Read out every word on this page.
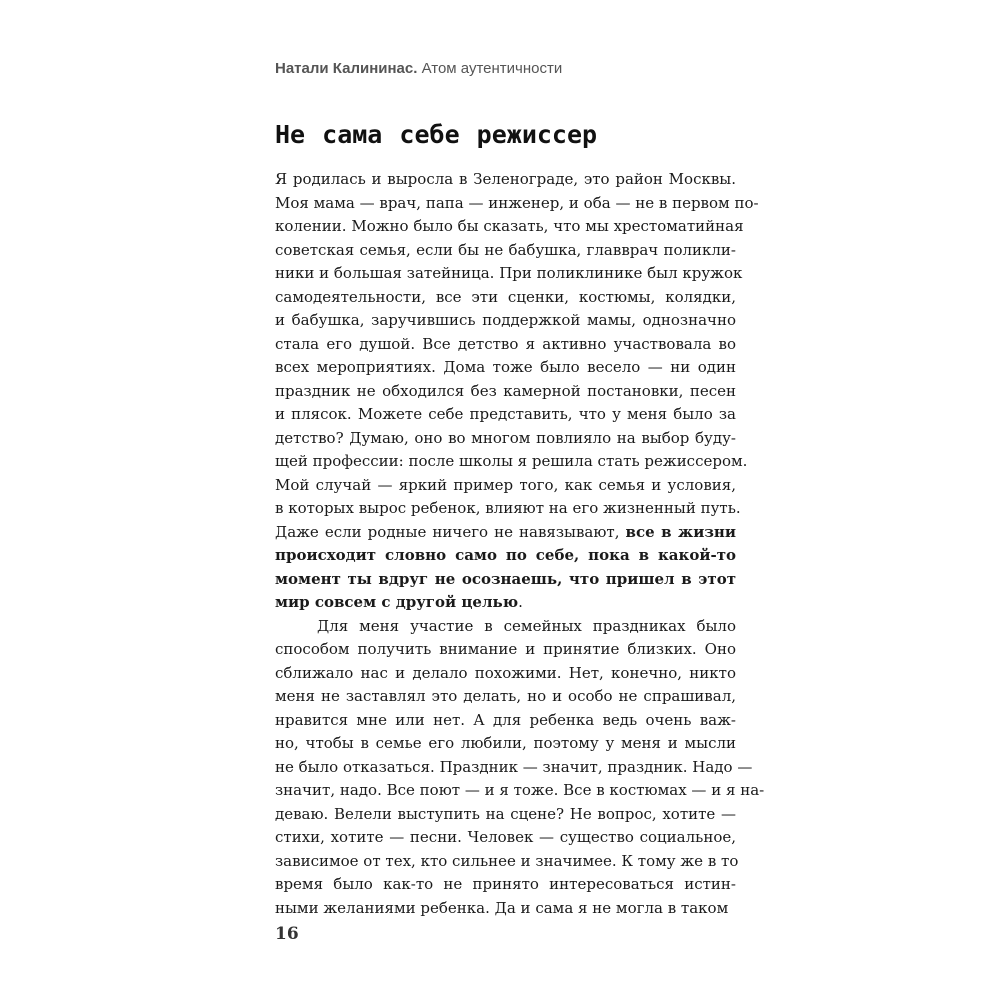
Натали Калининас. Атом аутентичности
Не сама себе режиссер
Я родилась и выросла в Зеленограде, это район Москвы.
Моя мама — врач, папа — инженер, и оба — не в первом по-
колении. Можно было бы сказать, что мы хрестоматийная
советская семья, если бы не бабушка, главврач поликли-
ники и большая затейница. При поликлинике был кружок
самодеятельности, все эти сценки, костюмы, колядки,
и бабушка, заручившись поддержкой мамы, однозначно
стала его душой. Все детство я активно участвовала во
всех мероприятиях. Дома тоже было весело — ни один
праздник не обходился без камерной постановки, песен
и плясок. Можете себе представить, что у меня было за
детство? Думаю, оно во многом повлияло на выбор буду-
щей профессии: после школы я решила стать режиссером.
Мой случай — яркий пример того, как семья и условия,
в которых вырос ребенок, влияют на его жизненный путь.
Даже если родные ничего не навязывают, все в жизни
происходит словно само по себе, пока в какой-то
момент ты вдруг не осознаешь, что пришел в этот
мир совсем с другой целью.
Для меня участие в семейных праздниках было
способом получить внимание и принятие близких. Оно
сближало нас и делало похожими. Нет, конечно, никто
меня не заставлял это делать, но и особо не спрашивал,
нравится мне или нет. А для ребенка ведь очень важ-
но, чтобы в семье его любили, поэтому у меня и мысли
не было отказаться. Праздник — значит, праздник. Надо —
значит, надо. Все поют — и я тоже. Все в костюмах — и я на-
деваю. Велели выступить на сцене? Не вопрос, хотите —
стихи, хотите — песни. Человек — существо социальное,
зависимое от тех, кто сильнее и значимее. К тому же в то
время было как-то не принято интересоваться истин-
ными желаниями ребенка. Да и сама я не могла в таком
16
